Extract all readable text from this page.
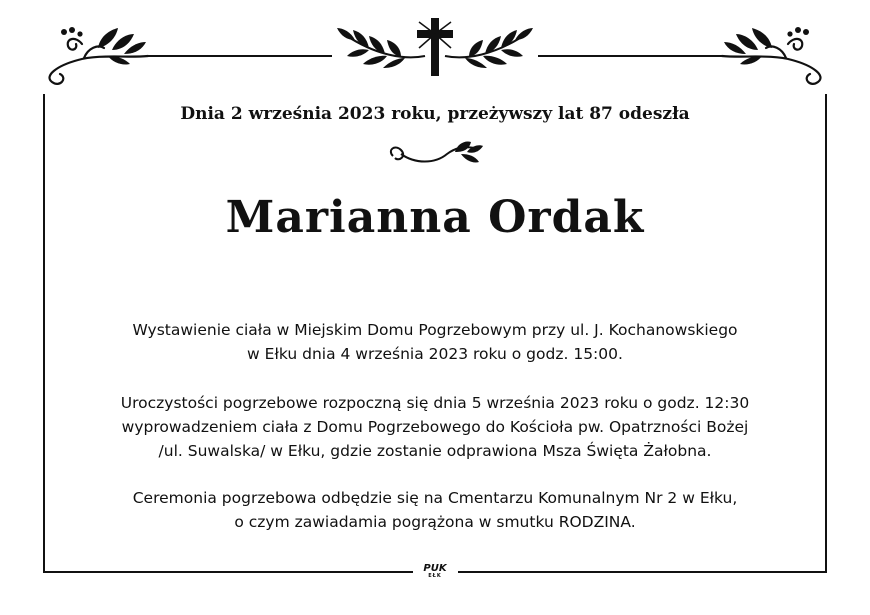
Dnia 2 września 2023 roku, przeżywszy lat 87 odeszła
Marianna Ordak
Wystawienie ciała w Miejskim Domu Pogrzebowym przy ul. J. Kochanowskiego
w Ełku dnia 4 września 2023 roku o godz. 15:00.
Uroczystości pogrzebowe rozpoczną się dnia 5 września 2023 roku o godz. 12:30
wyprowadzeniem ciała z Domu Pogrzebowego do Kościoła pw. Opatrzności Bożej
/ul. Suwalska/ w Ełku, gdzie zostanie odprawiona Msza Święta Żałobna.
Ceremonia pogrzebowa odbędzie się na Cmentarzu Komunalnym Nr 2 w Ełku,
o czym zawiadamia pogrążona w smutku RODZINA.
PUK
EŁK
